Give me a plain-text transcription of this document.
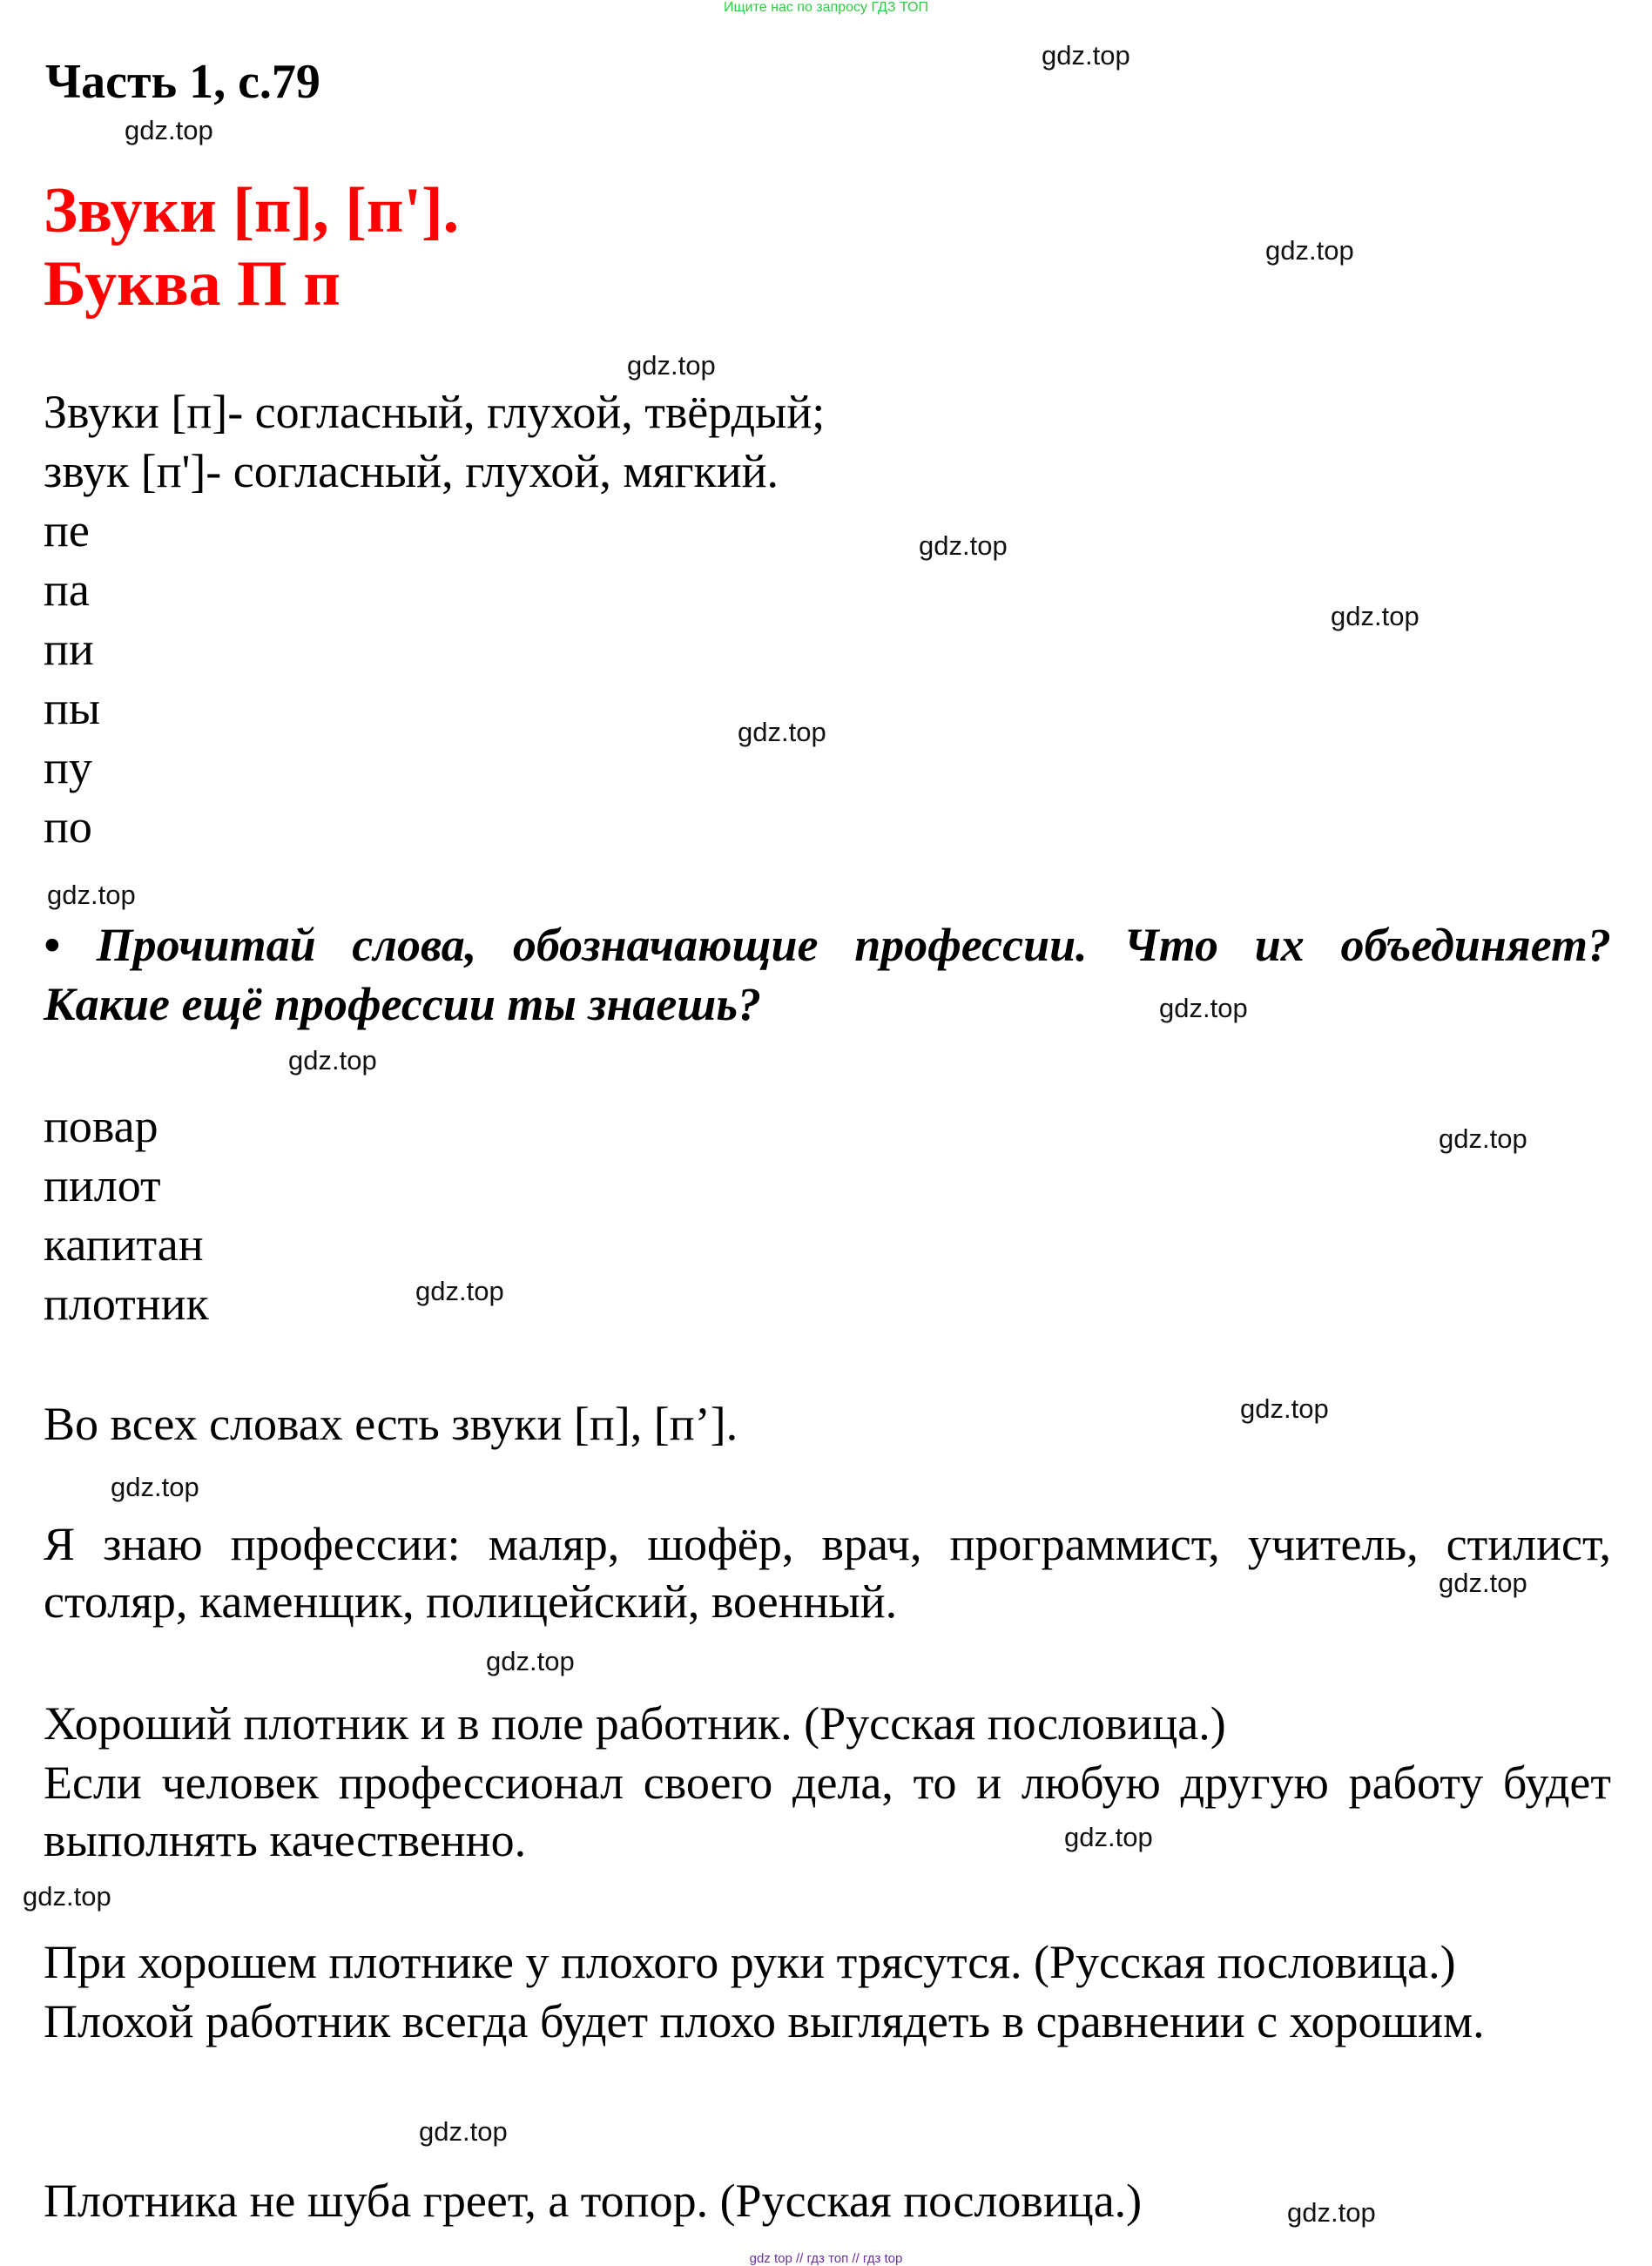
Ищите нас по запросу ГДЗ ТОП
gdz top // гдз топ // гдз top
Часть 1, с.79
Звуки [п], [п'].
Буква П п
Звуки [п]- согласный, глухой, твёрдый;
звук [п']- согласный, глухой, мягкий.
пе
па
пи
пы
пу
по
• Прочитай слова, обозначающие профессии. Что их объединяет?
Какие ещё профессии ты знаешь?
повар
пилот
капитан
плотник
Во всех словах есть звуки [п], [п’].
Я знаю профессии: маляр, шофёр, врач, программист, учитель, стилист, столяр, каменщик, полицейский, военный.
Хороший плотник и в поле работник. (Русская пословица.)
Если человек профессионал своего дела, то и любую другую работу будет выполнять качественно.
При хорошем плотнике у плохого руки трясутся. (Русская пословица.)
Плохой работник всегда будет плохо выглядеть в сравнении с хорошим.
Плотника не шуба греет, а топор. (Русская пословица.)
gdz.top
gdz.top
gdz.top
gdz.top
gdz.top
gdz.top
gdz.top
gdz.top
gdz.top
gdz.top
gdz.top
gdz.top
gdz.top
gdz.top
gdz.top
gdz.top
gdz.top
gdz.top
gdz.top
gdz.top
